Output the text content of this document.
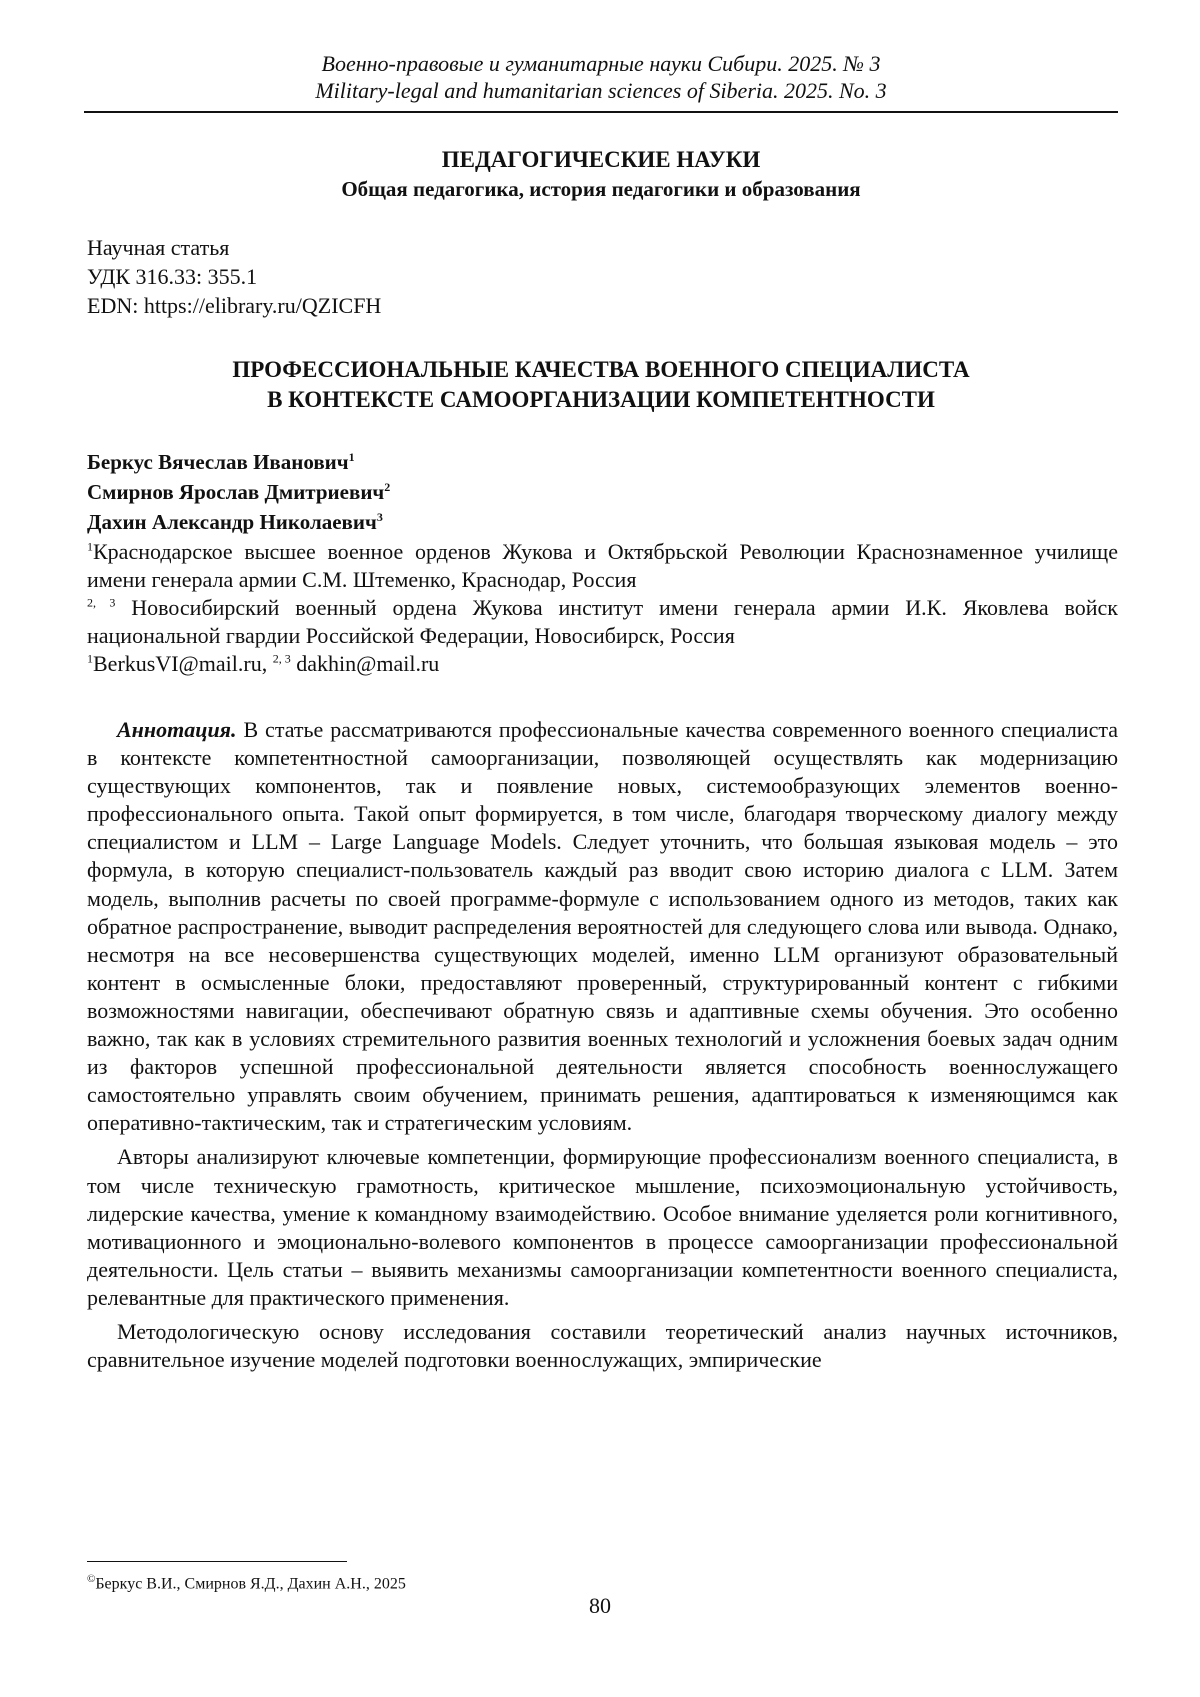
Военно-правовые и гуманитарные науки Сибири. 2025. № 3
Military-legal and humanitarian sciences of Siberia. 2025. No. 3
ПЕДАГОГИЧЕСКИЕ НАУКИ
Общая педагогика, история педагогики и образования
Научная статья
УДК 316.33: 355.1
EDN: https://elibrary.ru/QZICFH
ПРОФЕССИОНАЛЬНЫЕ КАЧЕСТВА ВОЕННОГО СПЕЦИАЛИСТА
В КОНТЕКСТЕ САМООРГАНИЗАЦИИ КОМПЕТЕНТНОСТИ
Беркус Вячеслав Иванович$^1$
Смирнов Ярослав Дмитриевич$^2$
Дахин Александр Николаевич$^3$

$^1$Краснодарское высшее военное орденов Жукова и Октябрьской Революции Краснознаменное училище имени генерала армии С.М. Штеменко, Краснодар, Россия

$^{2, 3}$ Новосибирский военный ордена Жукова институт имени генерала армии И.К. Яковлева войск национальной гвардии Российской Федерации, Новосибирск, Россия

$^1$BerkusVI@mail.ru, $^{2, 3}$ dakhin@mail.ru

Аннотация. В статье рассматриваются профессиональные качества современного военного специалиста в контексте компетентностной самоорганизации, позволяющей осуществлять как модернизацию существующих компонентов, так и появление новых, системообразующих элементов военно-профессионального опыта. Такой опыт формируется, в том числе, благодаря творческому диалогу между специалистом и LLM – Large Language Models. Следует уточнить, что большая языковая модель – это формула, в которую специалист-пользователь каждый раз вводит свою историю диалога с LLM. Затем модель, выполнив расчеты по своей программе-формуле с использованием одного из методов, таких как обратное распространение, выводит распределения вероятностей для следующего слова или вывода. Однако, несмотря на все несовершенства существующих моделей, именно LLM организуют образовательный контент в осмысленные блоки, предоставляют проверенный, структурированный контент с гибкими возможностями навигации, обеспечивают обратную связь и адаптивные схемы обучения. Это особенно важно, так как в условиях стремительного развития военных технологий и усложнения боевых задач одним из факторов успешной профессиональной деятельности является способность военнослужащего самостоятельно управлять своим обучением, принимать решения, адаптироваться к изменяющимся как оперативно-тактическим, так и стратегическим условиям.

Авторы анализируют ключевые компетенции, формирующие профессионализм военного специалиста, в том числе техническую грамотность, критическое мышление, психоэмоциональную устойчивость, лидерские качества, умение к командному взаимодействию. Особое внимание уделяется роли когнитивного, мотивационного и эмоционально-волевого компонентов в процессе самоорганизации профессиональной деятельности. Цель статьи – выявить механизмы самоорганизации компетентности военного специалиста, релевантные для практического применения.

Методологическую основу исследования составили теоретический анализ научных источников, сравнительное изучение моделей подготовки военнослужащих, эмпирические

©Беркус В.И., Смирнов Я.Д., Дахин А.Н., 2025
80
